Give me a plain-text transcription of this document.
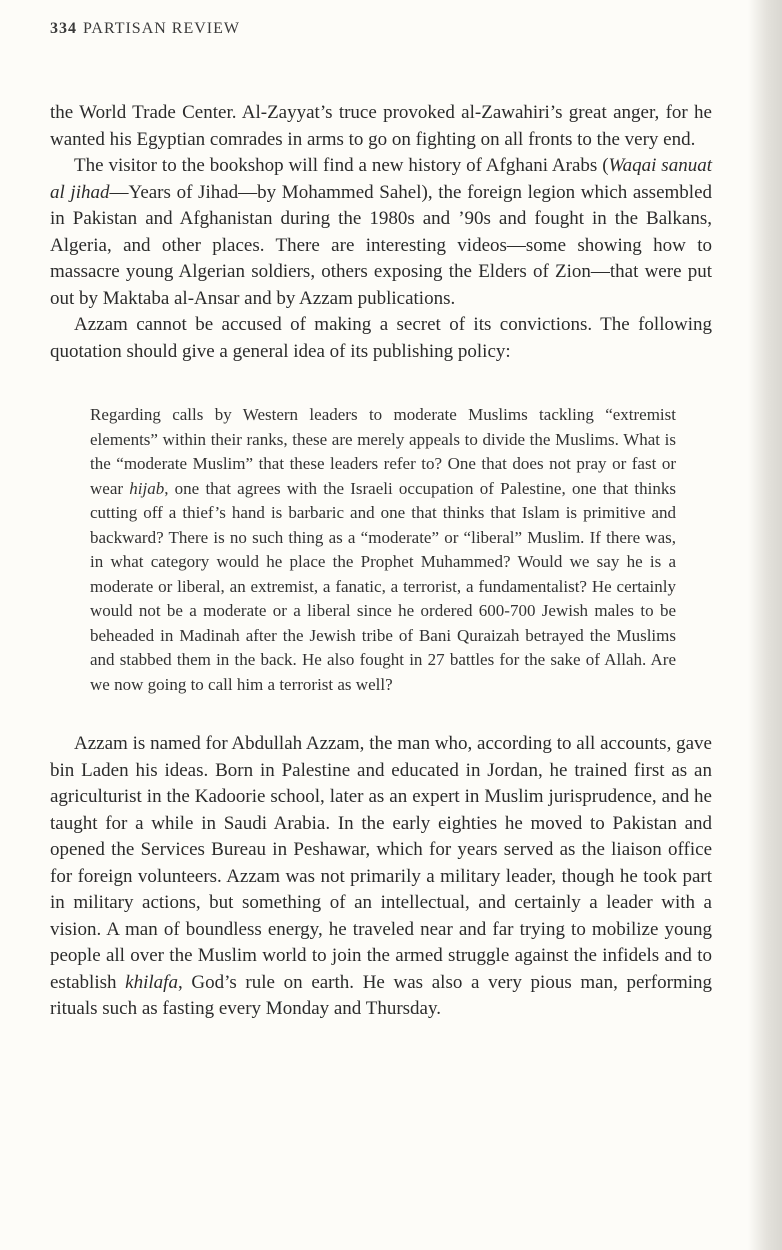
334 PARTISAN REVIEW

the World Trade Center. Al-Zayyat’s truce provoked al-Zawahiri’s great anger, for he wanted his Egyptian comrades in arms to go on fighting on all fronts to the very end.

The visitor to the bookshop will find a new history of Afghani Arabs (Waqai sanuat al jihad—Years of Jihad—by Mohammed Sahel), the foreign legion which assembled in Pakistan and Afghanistan during the 1980s and ’90s and fought in the Balkans, Algeria, and other places. There are interesting videos—some showing how to massacre young Algerian soldiers, others exposing the Elders of Zion—that were put out by Maktaba al-Ansar and by Azzam publications.

Azzam cannot be accused of making a secret of its convictions. The following quotation should give a general idea of its publishing policy:

Regarding calls by Western leaders to moderate Muslims tackling “extremist elements” within their ranks, these are merely appeals to divide the Muslims. What is the “moderate Muslim” that these leaders refer to? One that does not pray or fast or wear hijab, one that agrees with the Israeli occupation of Palestine, one that thinks cutting off a thief’s hand is barbaric and one that thinks that Islam is primitive and backward? There is no such thing as a “moderate” or “liberal” Muslim. If there was, in what category would he place the Prophet Muhammed? Would we say he is a moderate or liberal, an extremist, a fanatic, a terrorist, a fundamentalist? He certainly would not be a moderate or a liberal since he ordered 600-700 Jewish males to be beheaded in Madinah after the Jewish tribe of Bani Quraizah betrayed the Muslims and stabbed them in the back. He also fought in 27 battles for the sake of Allah. Are we now going to call him a terrorist as well?

Azzam is named for Abdullah Azzam, the man who, according to all accounts, gave bin Laden his ideas. Born in Palestine and educated in Jordan, he trained first as an agriculturist in the Kadoorie school, later as an expert in Muslim jurisprudence, and he taught for a while in Saudi Arabia. In the early eighties he moved to Pakistan and opened the Services Bureau in Peshawar, which for years served as the liaison office for foreign volunteers. Azzam was not primarily a military leader, though he took part in military actions, but something of an intellectual, and certainly a leader with a vision. A man of boundless energy, he traveled near and far trying to mobilize young people all over the Muslim world to join the armed struggle against the infidels and to establish khilafa, God’s rule on earth. He was also a very pious man, performing rituals such as fasting every Monday and Thursday.
